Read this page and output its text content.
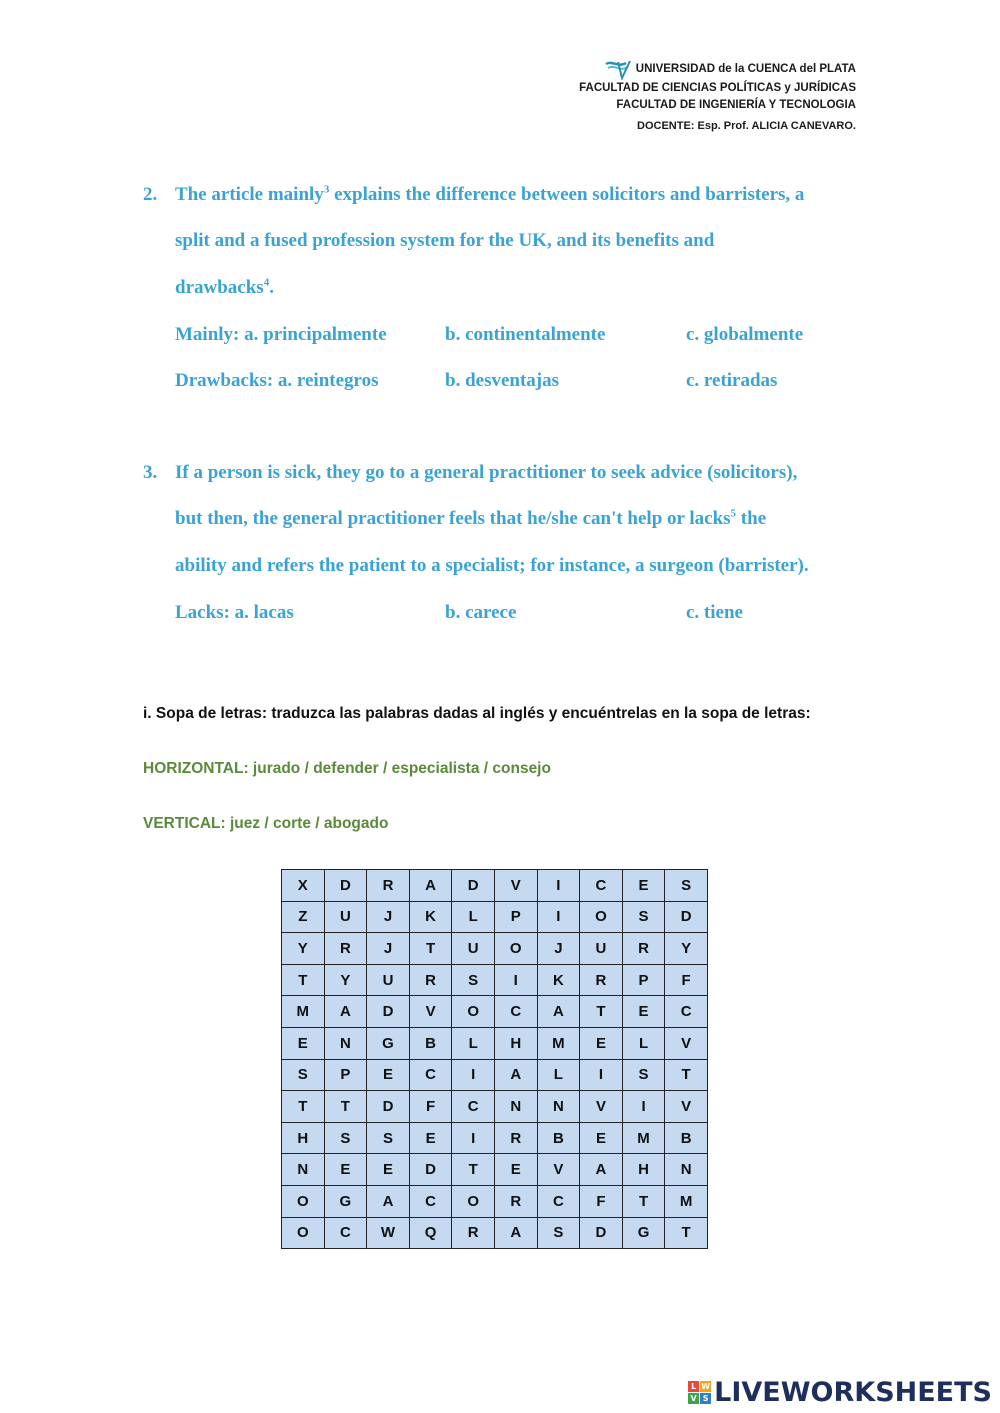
UNIVERSIDAD de la CUENCA del PLATA
FACULTAD DE CIENCIAS POLÍTICAS y JURÍDICAS
FACULTAD DE INGENIERÍA Y TECNOLOGIA
DOCENTE: Esp. Prof. ALICIA CANEVARO.
2. The article mainly$^3$ explains the difference between solicitors and barristers, a
split and a fused profession system for the UK, and its benefits and
drawbacks$^4$.
Mainly: a. principalmente	b. continentalmente	c. globalmente
Drawbacks: a. reintegros	b. desventajas	c. retiradas
3. If a person is sick, they go to a general practitioner to seek advice (solicitors),
but then, the general practitioner feels that he/she can't help or lacks$^5$ the
ability and refers the patient to a specialist; for instance, a surgeon (barrister).
Lacks: a. lacas	b. carece	c. tiene
i. Sopa de letras: traduzca las palabras dadas al inglés y encuéntrelas en la sopa de letras:
HORIZONTAL: jurado / defender / especialista / consejo
VERTICAL: juez / corte / abogado
X	D	R	A	D	V	I	C	E	S
Z	U	J	K	L	P	I	O	S	D
Y	R	J	T	U	O	J	U	R	Y
T	Y	U	R	S	I	K	R	P	F
M	A	D	V	O	C	A	T	E	C
E	N	G	B	L	H	M	E	L	V
S	P	E	C	I	A	L	I	S	T
T	T	D	F	C	N	N	V	I	V
H	S	S	E	I	R	B	E	M	B
N	E	E	D	T	E	V	A	H	N
O	G	A	C	O	R	C	F	T	M
O	C	W	Q	R	A	S	D	G	T
L W
V S LIVEWORKSHEETS
